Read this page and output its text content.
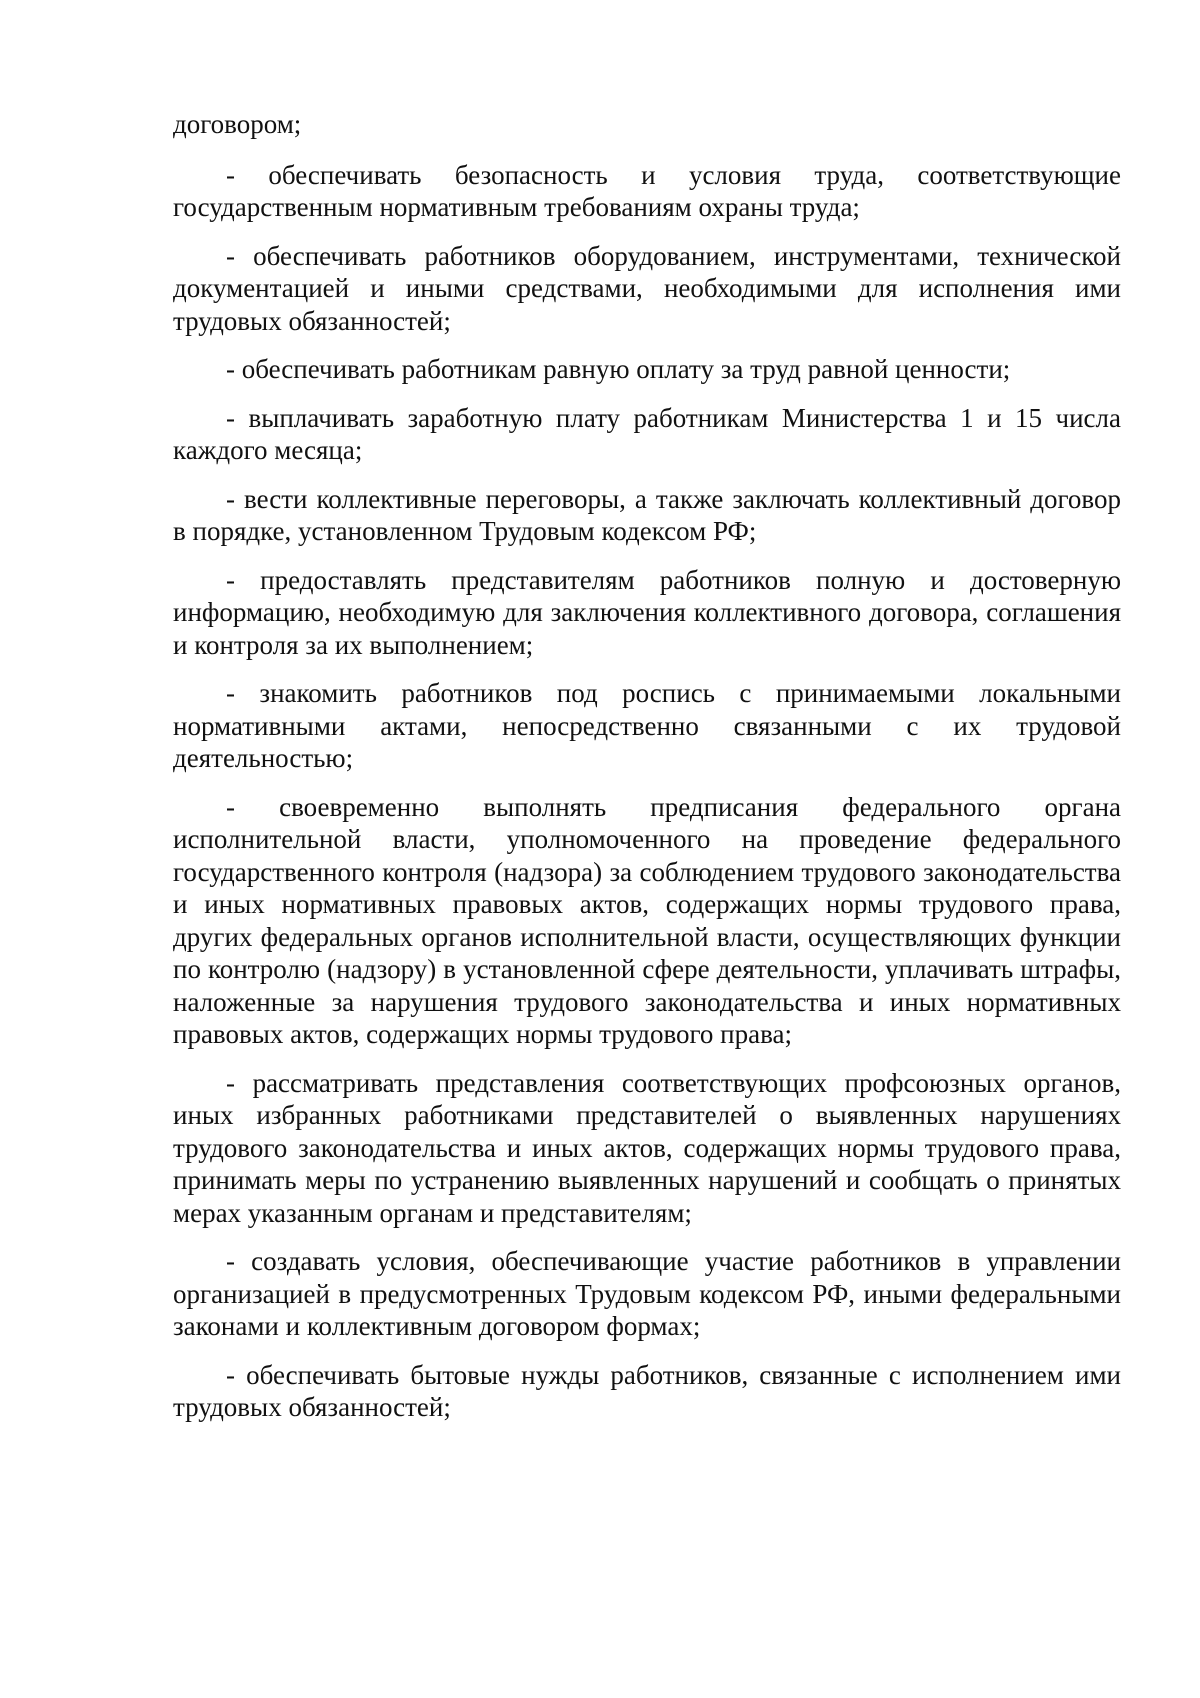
договором;

- обеспечивать безопасность и условия труда, соответствующие государственным нормативным требованиям охраны труда;

- обеспечивать работников оборудованием, инструментами, технической документацией и иными средствами, необходимыми для исполнения ими трудовых обязанностей;

- обеспечивать работникам равную оплату за труд равной ценности;

- выплачивать заработную плату работникам Министерства 1 и 15 числа каждого месяца;

- вести коллективные переговоры, а также заключать коллективный договор в порядке, установленном Трудовым кодексом РФ;

- предоставлять представителям работников полную и достоверную информацию, необходимую для заключения коллективного договора, соглашения и контроля за их выполнением;

- знакомить работников под роспись с принимаемыми локальными нормативными актами, непосредственно связанными с их трудовой деятельностью;

- своевременно выполнять предписания федерального органа исполнительной власти, уполномоченного на проведение федерального государственного контроля (надзора) за соблюдением трудового законодательства и иных нормативных правовых актов, содержащих нормы трудового права, других федеральных органов исполнительной власти, осуществляющих функции по контролю (надзору) в установленной сфере деятельности, уплачивать штрафы, наложенные за нарушения трудового законодательства и иных нормативных правовых актов, содержащих нормы трудового права;

- рассматривать представления соответствующих профсоюзных органов, иных избранных работниками представителей о выявленных нарушениях трудового законодательства и иных актов, содержащих нормы трудового права, принимать меры по устранению выявленных нарушений и сообщать о принятых мерах указанным органам и представителям;

- создавать условия, обеспечивающие участие работников в управлении организацией в предусмотренных Трудовым кодексом РФ, иными федеральными законами и коллективным договором формах;

- обеспечивать бытовые нужды работников, связанные с исполнением ими трудовых обязанностей;
